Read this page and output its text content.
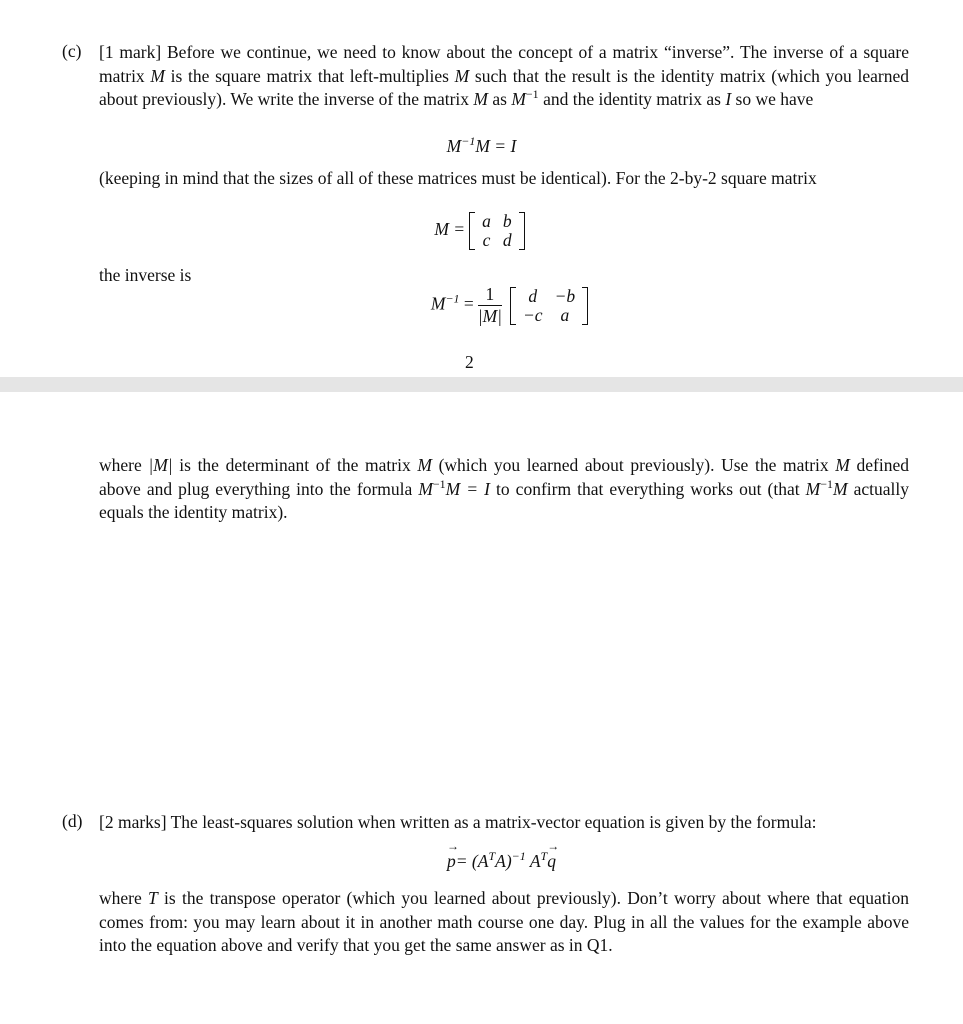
(c) [1 mark] Before we continue, we need to know about the concept of a matrix “inverse”. The inverse of a square matrix M is the square matrix that left-multiplies M such that the result is the identity matrix (which you learned about previously). We write the inverse of the matrix M as $M^{-1}$ and the identity matrix as I so we have
$M^{-1}M = I$
(keeping in mind that the sizes of all of these matrices must be identical). For the 2-by-2 square matrix
M = a	b
c	d
the inverse is
$M^{-1} = \frac{1}{|M|}$ d	−b
−c	a
2
where |M| is the determinant of the matrix M (which you learned about previously). Use the matrix M defined above and plug everything into the formula $M^{-1}M = I$ to confirm that everything works out (that $M^{-1}M$ actually equals the identity matrix).
(d) [2 marks] The least-squares solution when written as a matrix-vector equation is given by the formula:
→ $p= (A^TA)^{-1}$ $A^T\to q$
where T is the transpose operator (which you learned about previously). Don’t worry about where that equation comes from: you may learn about it in another math course one day. Plug in all the values for the example above into the equation above and verify that you get the same answer as in Q1.
